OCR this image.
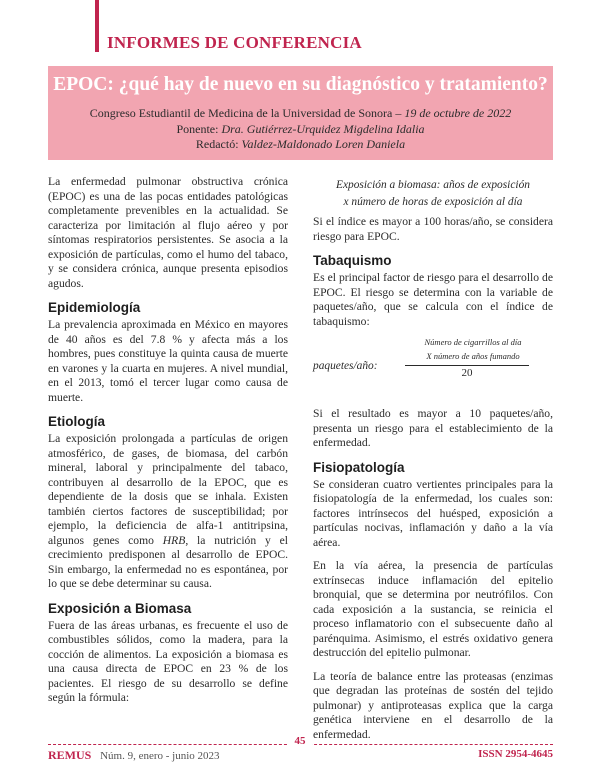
INFORMES DE CONFERENCIA
EPOC: ¿qué hay de nuevo en su diagnóstico y tratamiento?
Congreso Estudiantil de Medicina de la Universidad de Sonora – 19 de octubre de 2022
Ponente: Dra. Gutiérrez-Urquidez Migdelina Idalia
Redactó: Valdez-Maldonado Loren Daniela

La enfermedad pulmonar obstructiva crónica (EPOC) es una de las pocas entidades patológicas completamente prevenibles en la actualidad. Se caracteriza por limitación al flujo aéreo y por síntomas respiratorios persistentes. Se asocia a la exposición de partículas, como el humo del tabaco, y se considera crónica, aunque presenta episodios agudos.

Epidemiología

La prevalencia aproximada en México en mayores de 40 años es del 7.8 % y afecta más a los hombres, pues constituye la quinta causa de muerte en varones y la cuarta en mujeres. A nivel mundial, en el 2013, tomó el tercer lugar como causa de muerte.

Etiología

La exposición prolongada a partículas de origen atmosférico, de gases, de biomasa, del carbón mineral, laboral y principalmente del tabaco, contribuyen al desarrollo de la EPOC, que es dependiente de la dosis que se inhala. Existen también ciertos factores de susceptibilidad; por ejemplo, la deficiencia de alfa-1 antitripsina, algunos genes como HRB, la nutrición y el crecimiento predisponen al desarrollo de EPOC. Sin embargo, la enfermedad no es espontánea, por lo que se debe determinar su causa.

Exposición a Biomasa

Fuera de las áreas urbanas, es frecuente el uso de combustibles sólidos, como la madera, para la cocción de alimentos. La exposición a biomasa es una causa directa de EPOC en 23 % de los pacientes. El riesgo de su desarrollo se define según la fórmula:

Exposición a biomasa: años de exposición
x número de horas de exposición al día

Si el índice es mayor a 100 horas/año, se considera riesgo para EPOC.

Tabaquismo

Es el principal factor de riesgo para el desarrollo de EPOC. El riesgo se determina con la variable de paquetes/año, que se calcula con el índice de tabaquismo:

paquetes/año:
Número de cigarrillos al día
X número de años fumando
20

Si el resultado es mayor a 10 paquetes/año, presenta un riesgo para el establecimiento de la enfermedad.

Fisiopatología

Se consideran cuatro vertientes principales para la fisiopatología de la enfermedad, los cuales son: factores intrínsecos del huésped, exposición a partículas nocivas, inflamación y daño a la vía aérea.

En la vía aérea, la presencia de partículas extrínsecas induce inflamación del epitelio bronquial, que se determina por neutrófilos. Con cada exposición a la sustancia, se reinicia el proceso inflamatorio con el subsecuente daño al parénquima. Asimismo, el estrés oxidativo genera destrucción del epitelio pulmonar.

La teoría de balance entre las proteasas (enzimas que degradan las proteínas de sostén del tejido pulmonar) y antiproteasas explica que la carga genética interviene en el desarrollo de la enfermedad.

REMUS Núm. 9, enero - junio 2023
45
ISSN 2954-4645
